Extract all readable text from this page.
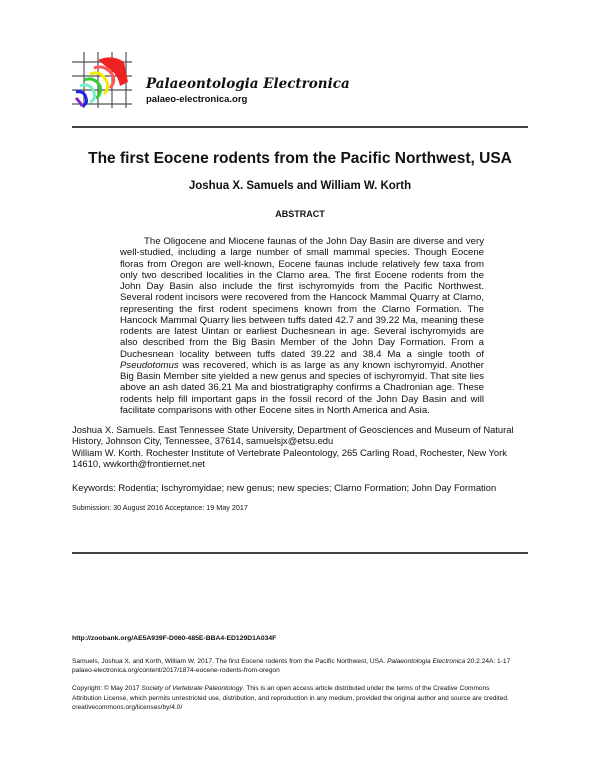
Palaeontologia Electronica
palaeo-electronica.org
The first Eocene rodents from the Pacific Northwest, USA
Joshua X. Samuels and William W. Korth
ABSTRACT

The Oligocene and Miocene faunas of the John Day Basin are diverse and very well-studied, including a large number of small mammal species. Though Eocene floras from Oregon are well-known, Eocene faunas include relatively few taxa from only two described localities in the Clarno area. The first Eocene rodents from the John Day Basin also include the first ischyromyids from the Pacific Northwest. Several rodent incisors were recovered from the Hancock Mammal Quarry at Clarno, representing the first rodent specimens known from the Clarno Formation. The Hancock Mammal Quarry lies between tuffs dated 42.7 and 39.22 Ma, meaning these rodents are latest Uintan or earliest Duchesnean in age. Several ischyromyids are also described from the Big Basin Member of the John Day Formation. From a Duchesnean locality between tuffs dated 39.22 and 38.4 Ma a single tooth of Pseudotomus was recovered, which is as large as any known ischyromyid. Another Big Basin Member site yielded a new genus and species of ischyromyid. That site lies above an ash dated 36.21 Ma and biostratigraphy confirms a Chadronian age. These rodents help fill important gaps in the fossil record of the John Day Basin and will facilitate comparisons with other Eocene sites in North America and Asia.

Joshua X. Samuels. East Tennessee State University, Department of Geosciences and Museum of Natural History, Johnson City, Tennessee, 37614, samuelsjx@etsu.edu
William W. Korth. Rochester Institute of Vertebrate Paleontology, 265 Carling Road, Rochester, New York 14610, wwkorth@frontiernet.net
Keywords: Rodentia; Ischyromyidae; new genus; new species; Clarno Formation; John Day Formation
Submission: 30 August 2016 Acceptance: 19 May 2017
http://zoobank.org/AE5A939F-D060-485E-BBA4-ED129D1A034F
Samuels, Joshua X. and Korth, William W. 2017. The first Eocene rodents from the Pacific Northwest, USA. Palaeontologia Electronica 20.2.24A: 1-17
palaeo-electronica.org/content/2017/1874-eocene-rodents-from-oregon
Copyright: © May 2017 Society of Vertebrate Paleontology. This is an open access article distributed under the terms of the Creative Commons Attribution License, which permits unrestricted use, distribution, and reproduction in any medium, provided the original author and source are credited.
creativecommons.org/licenses/by/4.0/
